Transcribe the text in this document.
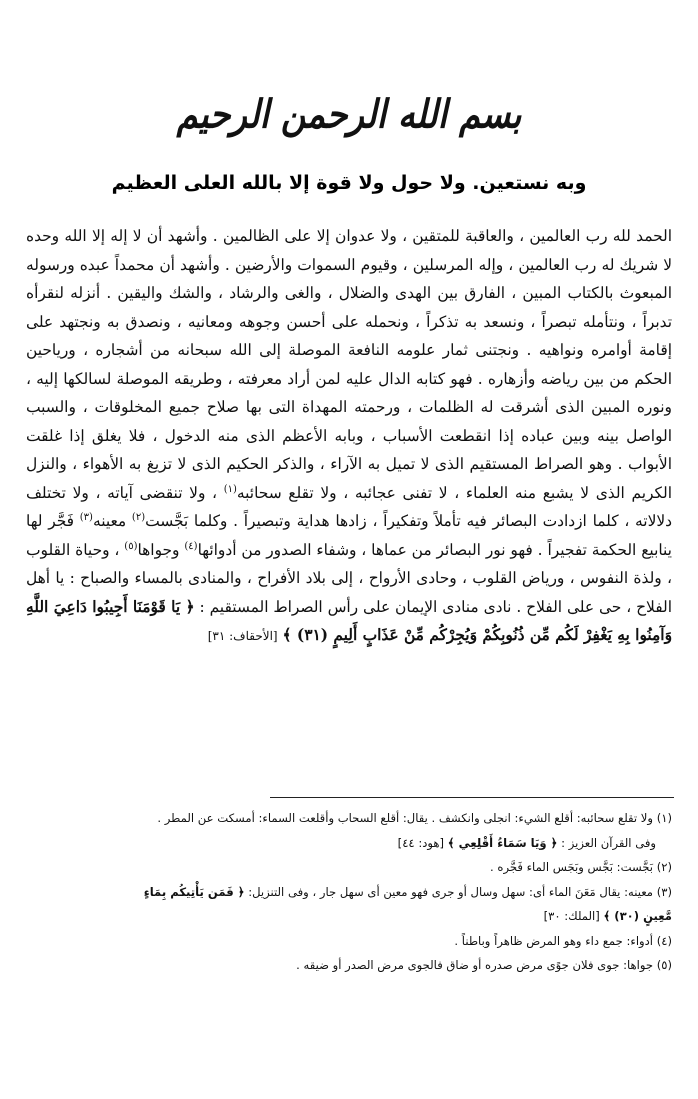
بسم الله الرحمن الرحيم
وبه نستعين. ولا حول ولا قوة إلا بالله العلى العظيم

الحمد لله رب العالمين ، والعاقبة للمتقين ، ولا عدوان إلا على الظالمين . وأشهد أن لا إله إلا الله وحده لا شريك له رب العالمين ، وإله المرسلين ، وقيوم السموات والأرضين . وأشهد أن محمداً عبده ورسوله المبعوث بالكتاب المبين ، الفارق بين الهدى والضلال ، والغى والرشاد ، والشك واليقين . أنزله لنقرأه تدبراً ، ونتأمله تبصراً ، ونسعد به تذكراً ، ونحمله على أحسن وجوهه ومعانيه ، ونصدق به ونجتهد على إقامة أوامره ونواهيه . ونجتنى ثمار علومه النافعة الموصلة إلى الله سبحانه من أشجاره ، ورياحين الحكم من بين رياضه وأزهاره . فهو كتابه الدال عليه لمن أراد معرفته ، وطريقه الموصلة لسالكها إليه ، ونوره المبين الذى أشرقت له الظلمات ، ورحمته المهداة التى بها صلاح جميع المخلوقات ، والسبب الواصل بينه وبين عباده إذا انقطعت الأسباب ، وبابه الأعظم الذى منه الدخول ، فلا يغلق إذا غلقت الأبواب . وهو الصراط المستقيم الذى لا تميل به الآراء ، والذكر الحكيم الذى لا تزيغ به الأهواء ، والنزل الكريم الذى لا يشبع منه العلماء ، لا تفنى عجائبه ، ولا تقلع سحائبه$^{(١)}$ ، ولا تنقضى آياته ، ولا تختلف دلالاته ، كلما ازدادت البصائر فيه تأملاً وتفكيراً ، زادها هداية وتبصيراً . وكلما بَجَّست$^{(٢)}$ معينه$^{(٣)}$ فَجَّر لها ينابيع الحكمة تفجيراً . فهو نور البصائر من عماها ، وشفاء الصدور من أدوائها$^{(٤)}$ وجواها$^{(٥)}$ ، وحياة القلوب ، ولذة النفوس ، ورياض القلوب ، وحادى الأرواح ، إلى بلاد الأفراح ، والمنادى بالمساء والصباح : يا أهل الفلاح ، حى على الفلاح . نادى منادى الإيمان على رأس الصراط المستقيم : ﴿ يَا قَوْمَنَا أَجِيبُوا دَاعِيَ اللَّهِ وَآمِنُوا بِهِ يَغْفِرْ لَكُم مِّن ذُنُوبِكُمْ وَيُجِرْكُم مِّنْ عَذَابٍ أَلِيمٍ (٣١) ﴾ [الأحقاف: ٣١]

(١) ولا تقلع سحائبه: أقلع الشيء: انجلى وانكشف . يقال: أقلع السحاب وأقلعت السماء: أمسكت عن المطر .

وفى القرآن العزيز : ﴿ وَيَا سَمَاءُ أَقْلِعِي ﴾ [هود: ٤٤]

(٢) بَجَّست: بَجَّس وبَجَس الماء فَجَّره .

(٣) معينه: يقال مَعَنَ الماء أى: سهل وسال أو جرى فهو معين أى سهل جار ، وفى التنزيل: ﴿ فَمَن يَأْتِيكُم بِمَاءٍ

مَّعِينٍ (٣٠) ﴾ [الملك: ٣٠]

(٤) أدواء: جمع داء وهو المرض ظاهراً وباطناً .

(٥) جواها: جوى فلان جوًى مرض صدره أو ضاق فالجوى مرض الصدر أو ضيقه .
